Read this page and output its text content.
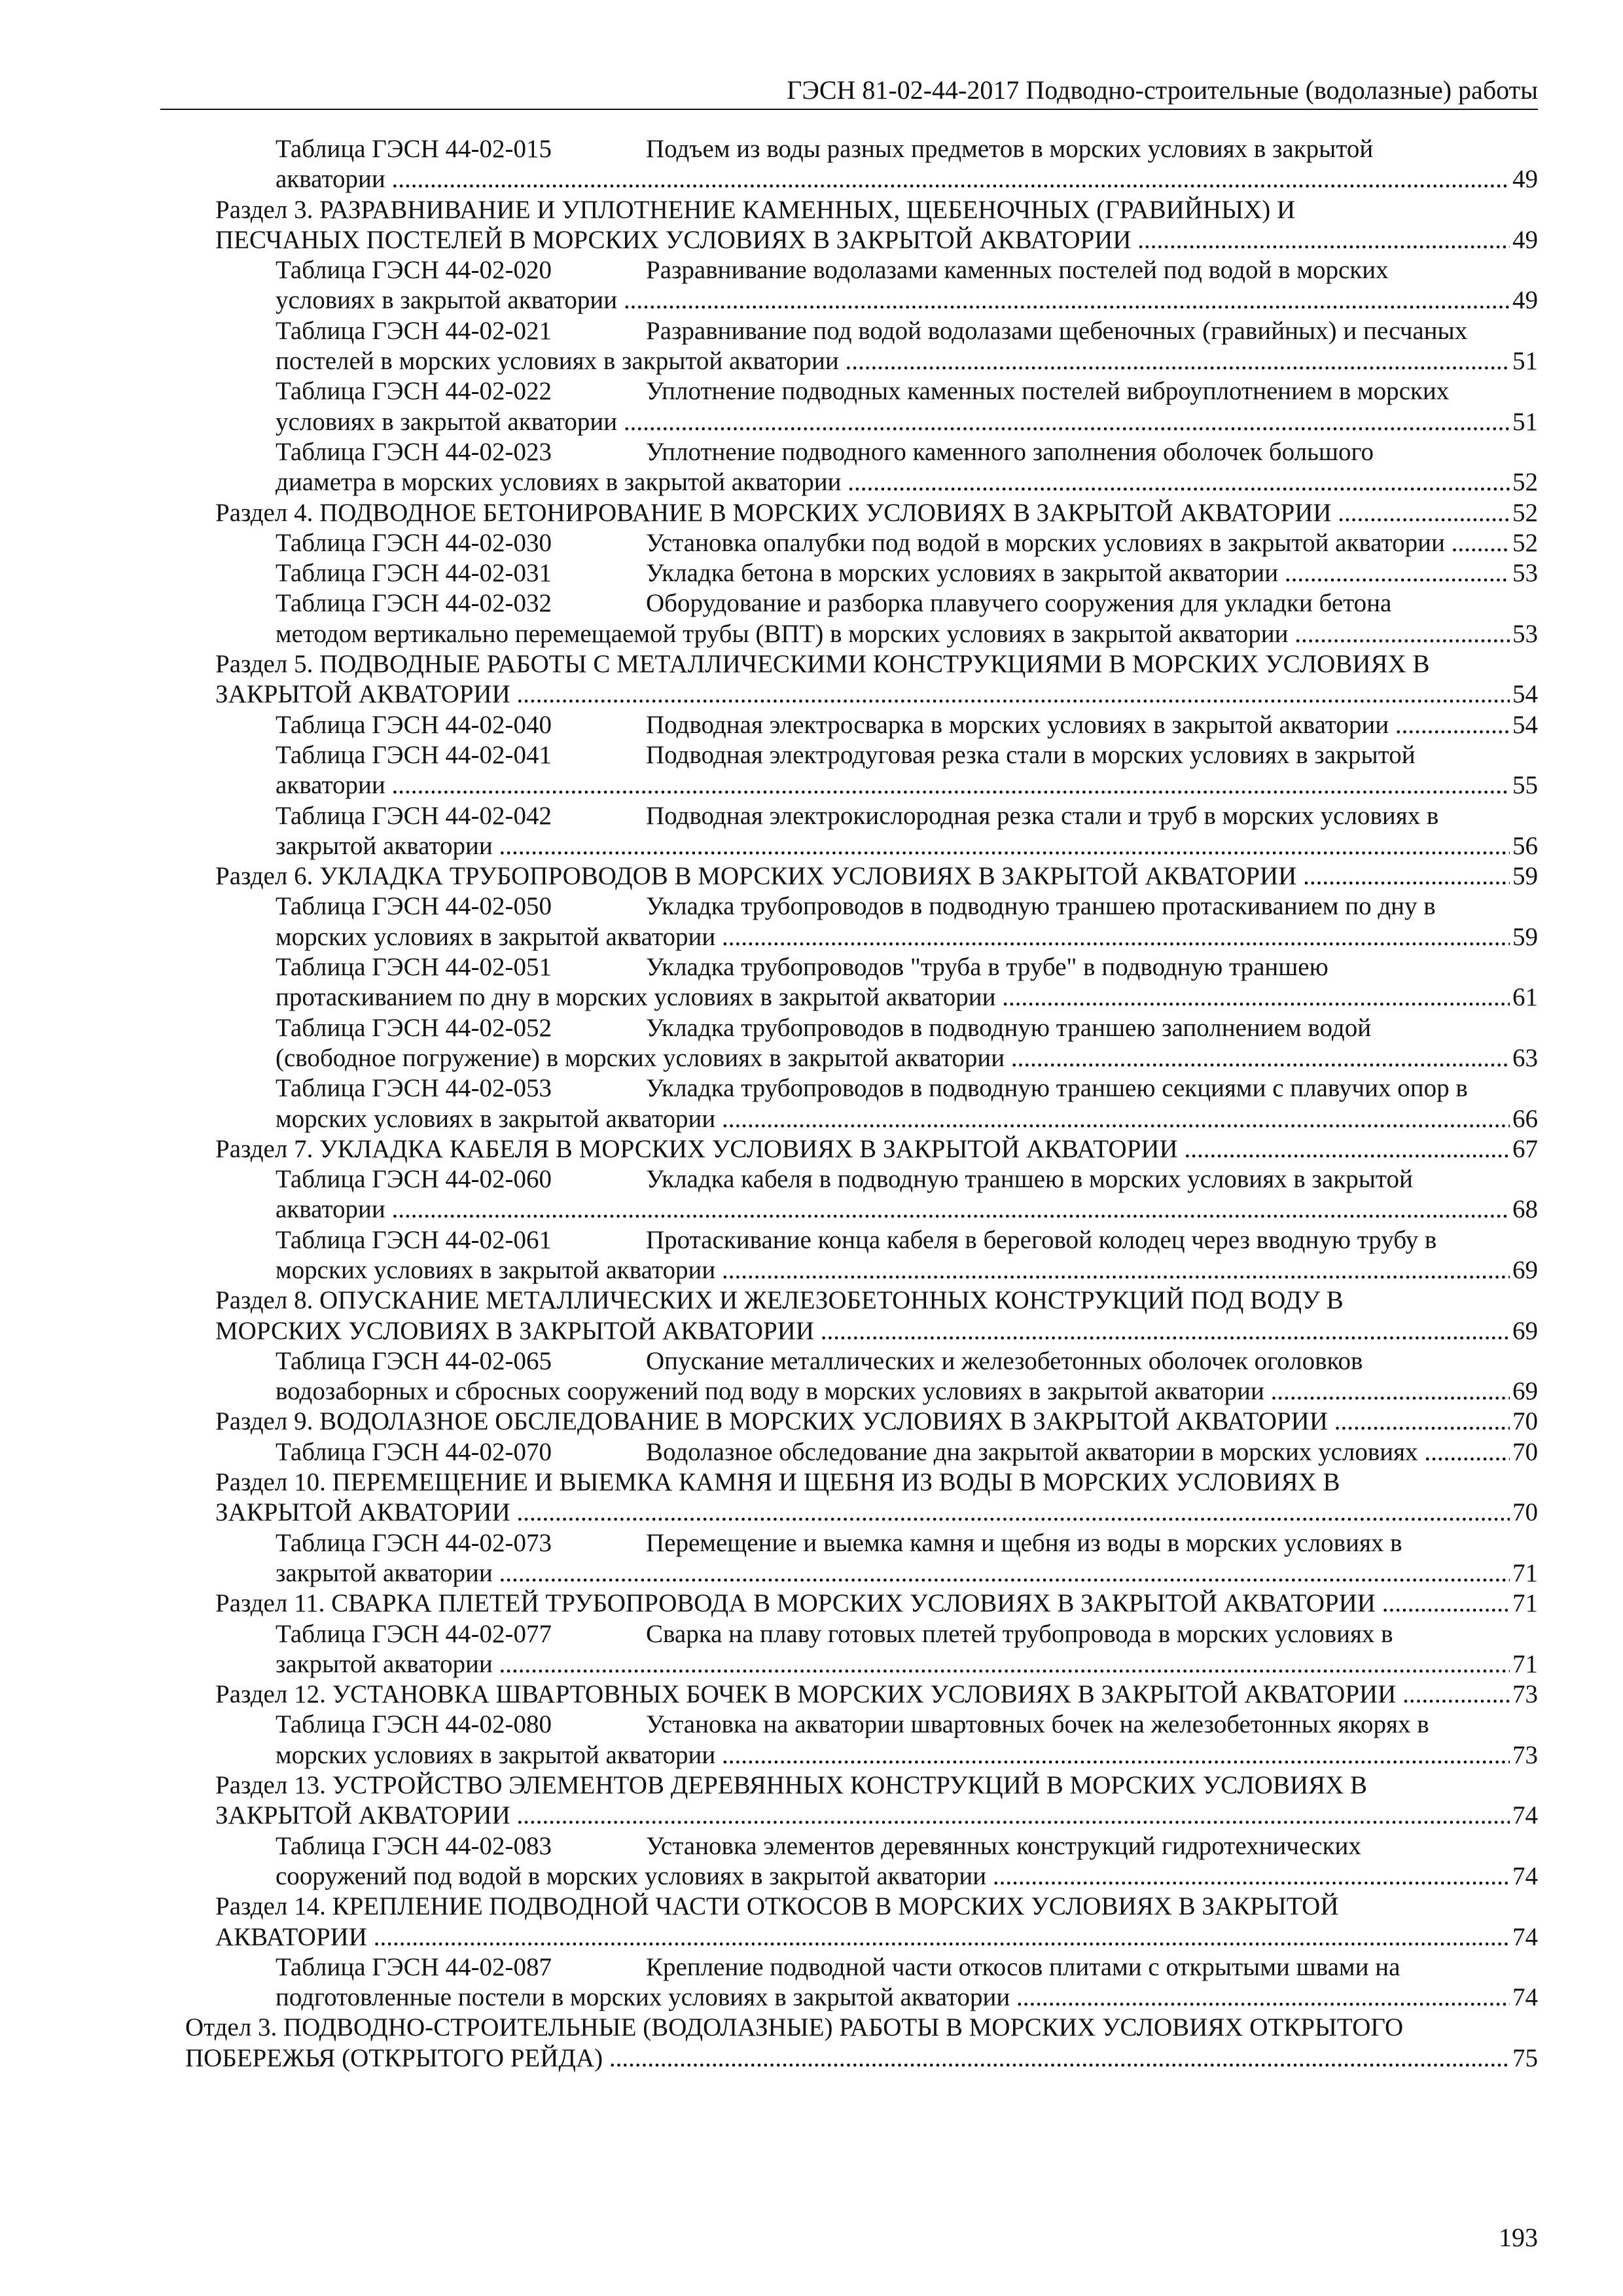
ГЭСН 81-02-44-2017 Подводно-строительные (водолазные) работы
Таблица ГЭСН 44-02-015	Подъем из воды разных предметов в морских условиях в закрытой
акватории .....	49
Раздел 3. РАЗРАВНИВАНИЕ И УПЛОТНЕНИЕ КАМЕННЫХ, ЩЕБЕНОЧНЫХ (ГРАВИЙНЫХ) И
ПЕСЧАНЫХ ПОСТЕЛЕЙ В МОРСКИХ УСЛОВИЯХ В ЗАКРЫТОЙ АКВАТОРИИ .....	49
Таблица ГЭСН 44-02-020	Разравнивание водолазами каменных постелей под водой в морских
условиях в закрытой акватории .....	49
Таблица ГЭСН 44-02-021	Разравнивание под водой водолазами щебеночных (гравийных) и песчаных
постелей в морских условиях в закрытой акватории .....	51
Таблица ГЭСН 44-02-022	Уплотнение подводных каменных постелей виброуплотнением в морских
условиях в закрытой акватории .....	51
Таблица ГЭСН 44-02-023	Уплотнение подводного каменного заполнения оболочек большого
диаметра в морских условиях в закрытой акватории .....	52
Раздел 4. ПОДВОДНОЕ БЕТОНИРОВАНИЕ В МОРСКИХ УСЛОВИЯХ В ЗАКРЫТОЙ АКВАТОРИИ .....	52
Таблица ГЭСН 44-02-030	Установка опалубки под водой в морских условиях в закрытой акватории .....	52
Таблица ГЭСН 44-02-031	Укладка бетона в морских условиях в закрытой акватории .....	53
Таблица ГЭСН 44-02-032	Оборудование и разборка плавучего сооружения для укладки бетона
методом вертикально перемещаемой трубы (ВПТ) в морских условиях в закрытой акватории .....	53
Раздел 5. ПОДВОДНЫЕ РАБОТЫ С МЕТАЛЛИЧЕСКИМИ КОНСТРУКЦИЯМИ В МОРСКИХ УСЛОВИЯХ В
ЗАКРЫТОЙ АКВАТОРИИ .....	54
Таблица ГЭСН 44-02-040	Подводная электросварка в морских условиях в закрытой акватории .....	54
Таблица ГЭСН 44-02-041	Подводная электродуговая резка стали в морских условиях в закрытой
акватории .....	55
Таблица ГЭСН 44-02-042	Подводная электрокислородная резка стали и труб в морских условиях в
закрытой акватории .....	56
Раздел 6. УКЛАДКА ТРУБОПРОВОДОВ В МОРСКИХ УСЛОВИЯХ В ЗАКРЫТОЙ АКВАТОРИИ .....	59
Таблица ГЭСН 44-02-050	Укладка трубопроводов в подводную траншею протаскиванием по дну в
морских условиях в закрытой акватории .....	59
Таблица ГЭСН 44-02-051	Укладка трубопроводов "труба в трубе" в подводную траншею
протаскиванием по дну в морских условиях в закрытой акватории .....	61
Таблица ГЭСН 44-02-052	Укладка трубопроводов в подводную траншею заполнением водой
(свободное погружение) в морских условиях в закрытой акватории .....	63
Таблица ГЭСН 44-02-053	Укладка трубопроводов в подводную траншею секциями с плавучих опор в
морских условиях в закрытой акватории .....	66
Раздел 7. УКЛАДКА КАБЕЛЯ В МОРСКИХ УСЛОВИЯХ В ЗАКРЫТОЙ АКВАТОРИИ .....	67
Таблица ГЭСН 44-02-060	Укладка кабеля в подводную траншею в морских условиях в закрытой
акватории .....	68
Таблица ГЭСН 44-02-061	Протаскивание конца кабеля в береговой колодец через вводную трубу в
морских условиях в закрытой акватории .....	69
Раздел 8. ОПУСКАНИЕ МЕТАЛЛИЧЕСКИХ И ЖЕЛЕЗОБЕТОННЫХ КОНСТРУКЦИЙ ПОД ВОДУ В
МОРСКИХ УСЛОВИЯХ В ЗАКРЫТОЙ АКВАТОРИИ .....	69
Таблица ГЭСН 44-02-065	Опускание металлических и железобетонных оболочек оголовков
водозаборных и сбросных сооружений под воду в морских условиях в закрытой акватории .....	69
Раздел 9. ВОДОЛАЗНОЕ ОБСЛЕДОВАНИЕ В МОРСКИХ УСЛОВИЯХ В ЗАКРЫТОЙ АКВАТОРИИ .....	70
Таблица ГЭСН 44-02-070	Водолазное обследование дна закрытой акватории в морских условиях .....	70
Раздел 10. ПЕРЕМЕЩЕНИЕ И ВЫЕМКА КАМНЯ И ЩЕБНЯ ИЗ ВОДЫ В МОРСКИХ УСЛОВИЯХ В
ЗАКРЫТОЙ АКВАТОРИИ .....	70
Таблица ГЭСН 44-02-073	Перемещение и выемка камня и щебня из воды в морских условиях в
закрытой акватории .....	71
Раздел 11. СВАРКА ПЛЕТЕЙ ТРУБОПРОВОДА В МОРСКИХ УСЛОВИЯХ В ЗАКРЫТОЙ АКВАТОРИИ .....	71
Таблица ГЭСН 44-02-077	Сварка на плаву готовых плетей трубопровода в морских условиях в
закрытой акватории .....	71
Раздел 12. УСТАНОВКА ШВАРТОВНЫХ БОЧЕК В МОРСКИХ УСЛОВИЯХ В ЗАКРЫТОЙ АКВАТОРИИ .....	73
Таблица ГЭСН 44-02-080	Установка на акватории швартовных бочек на железобетонных якорях в
морских условиях в закрытой акватории .....	73
Раздел 13. УСТРОЙСТВО ЭЛЕМЕНТОВ ДЕРЕВЯННЫХ КОНСТРУКЦИЙ В МОРСКИХ УСЛОВИЯХ В
ЗАКРЫТОЙ АКВАТОРИИ .....	74
Таблица ГЭСН 44-02-083	Установка элементов деревянных конструкций гидротехнических
сооружений под водой в морских условиях в закрытой акватории .....	74
Раздел 14. КРЕПЛЕНИЕ ПОДВОДНОЙ ЧАСТИ ОТКОСОВ В МОРСКИХ УСЛОВИЯХ В ЗАКРЫТОЙ
АКВАТОРИИ .....	74
Таблица ГЭСН 44-02-087	Крепление подводной части откосов плитами с открытыми швами на
подготовленные постели в морских условиях в закрытой акватории .....	74
Отдел 3. ПОДВОДНО-СТРОИТЕЛЬНЫЕ (ВОДОЛАЗНЫЕ) РАБОТЫ В МОРСКИХ УСЛОВИЯХ ОТКРЫТОГО
ПОБЕРЕЖЬЯ (ОТКРЫТОГО РЕЙДА) .....	75
193
